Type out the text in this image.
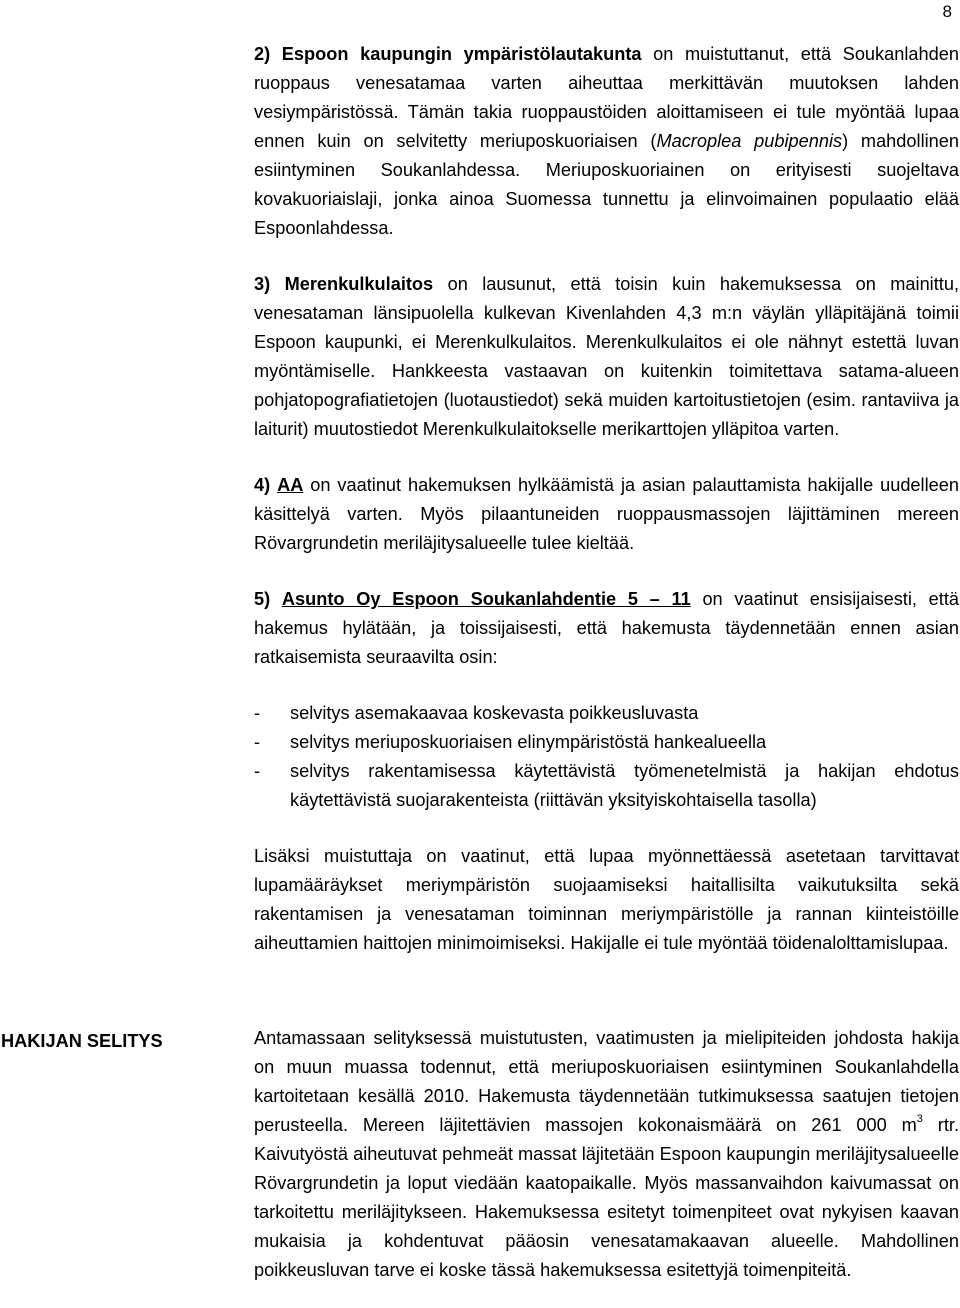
8

2) Espoon kaupungin ympäristölautakunta on muistuttanut, että Soukanlahden ruoppaus venesatamaa varten aiheuttaa merkittävän muutoksen lahden vesiympäristössä. Tämän takia ruoppaustöiden aloittamiseen ei tule myöntää lupaa ennen kuin on selvitetty meriuposkuoriaisen (Macroplea pubipennis) mahdollinen esiintyminen Soukanlahdessa. Meriuposkuoriainen on erityisesti suojeltava kovakuoriaislaji, jonka ainoa Suomessa tunnettu ja elinvoimainen populaatio elää Espoonlahdessa.

3) Merenkulkulaitos on lausunut, että toisin kuin hakemuksessa on mainittu, venesataman länsipuolella kulkevan Kivenlahden 4,3 m:n väylän ylläpitäjänä toimii Espoon kaupunki, ei Merenkulkulaitos. Merenkulkulaitos ei ole nähnyt estettä luvan myöntämiselle. Hankkeesta vastaavan on kuitenkin toimitettava satama-alueen pohjatopografiatietojen (luotaustiedot) sekä muiden kartoitustietojen (esim. rantaviiva ja laiturit) muutostiedot Merenkulkulaitokselle merikarttojen ylläpitoa varten.

4) AA on vaatinut hakemuksen hylkäämistä ja asian palauttamista hakijalle uudelleen käsittelyä varten. Myös pilaantuneiden ruoppausmassojen läjittäminen mereen Rövargrundetin meriläjitysalueelle tulee kieltää.

5) Asunto Oy Espoon Soukanlahdentie 5 – 11 on vaatinut ensisijaisesti, että hakemus hylätään, ja toissijaisesti, että hakemusta täydennetään ennen asian ratkaisemista seuraavilta osin:

- selvitys asemakaavaa koskevasta poikkeusluvasta
- selvitys meriuposkuoriaisen elinympäristöstä hankealueella
- selvitys rakentamisessa käytettävistä työmenetelmistä ja hakijan ehdotus käytettävistä suojarakenteista (riittävän yksityiskohtaisella tasolla)

Lisäksi muistuttaja on vaatinut, että lupaa myönnettäessä asetetaan tarvittavat lupamääräykset meriympäristön suojaamiseksi haitallisilta vaikutuksilta sekä rakentamisen ja venesataman toiminnan meriympäristölle ja rannan kiinteistöille aiheuttamien haittojen minimoimiseksi. Hakijalle ei tule myöntää töidenalolttamislupaa.

HAKIJAN SELITYS	Antamassaan selityksessä muistutusten, vaatimusten ja mielipiteiden johdosta hakija on muun muassa todennut, että meriuposkuoriaisen esiintyminen Soukanlahdella kartoitetaan kesällä 2010. Hakemusta täydennetään tutkimuksessa saatujen tietojen perusteella. Mereen läjitettävien massojen kokonaismäärä on 261 000 $m^3$ rtr. Kaivutyöstä aiheutuvat pehmeät massat läjitetään Espoon kaupungin meriläjitysalueelle Rövargrundetin ja loput viedään kaatopaikalle. Myös massanvaihdon kaivumassat on tarkoitettu meriläjitykseen. Hakemuksessa esitetyt toimenpiteet ovat nykyisen kaavan mukaisia ja kohdentuvat pääosin venesatamakaavan alueelle. Mahdollinen poikkeusluvan tarve ei koske tässä hakemuksessa esitettyjä toimenpiteitä.
